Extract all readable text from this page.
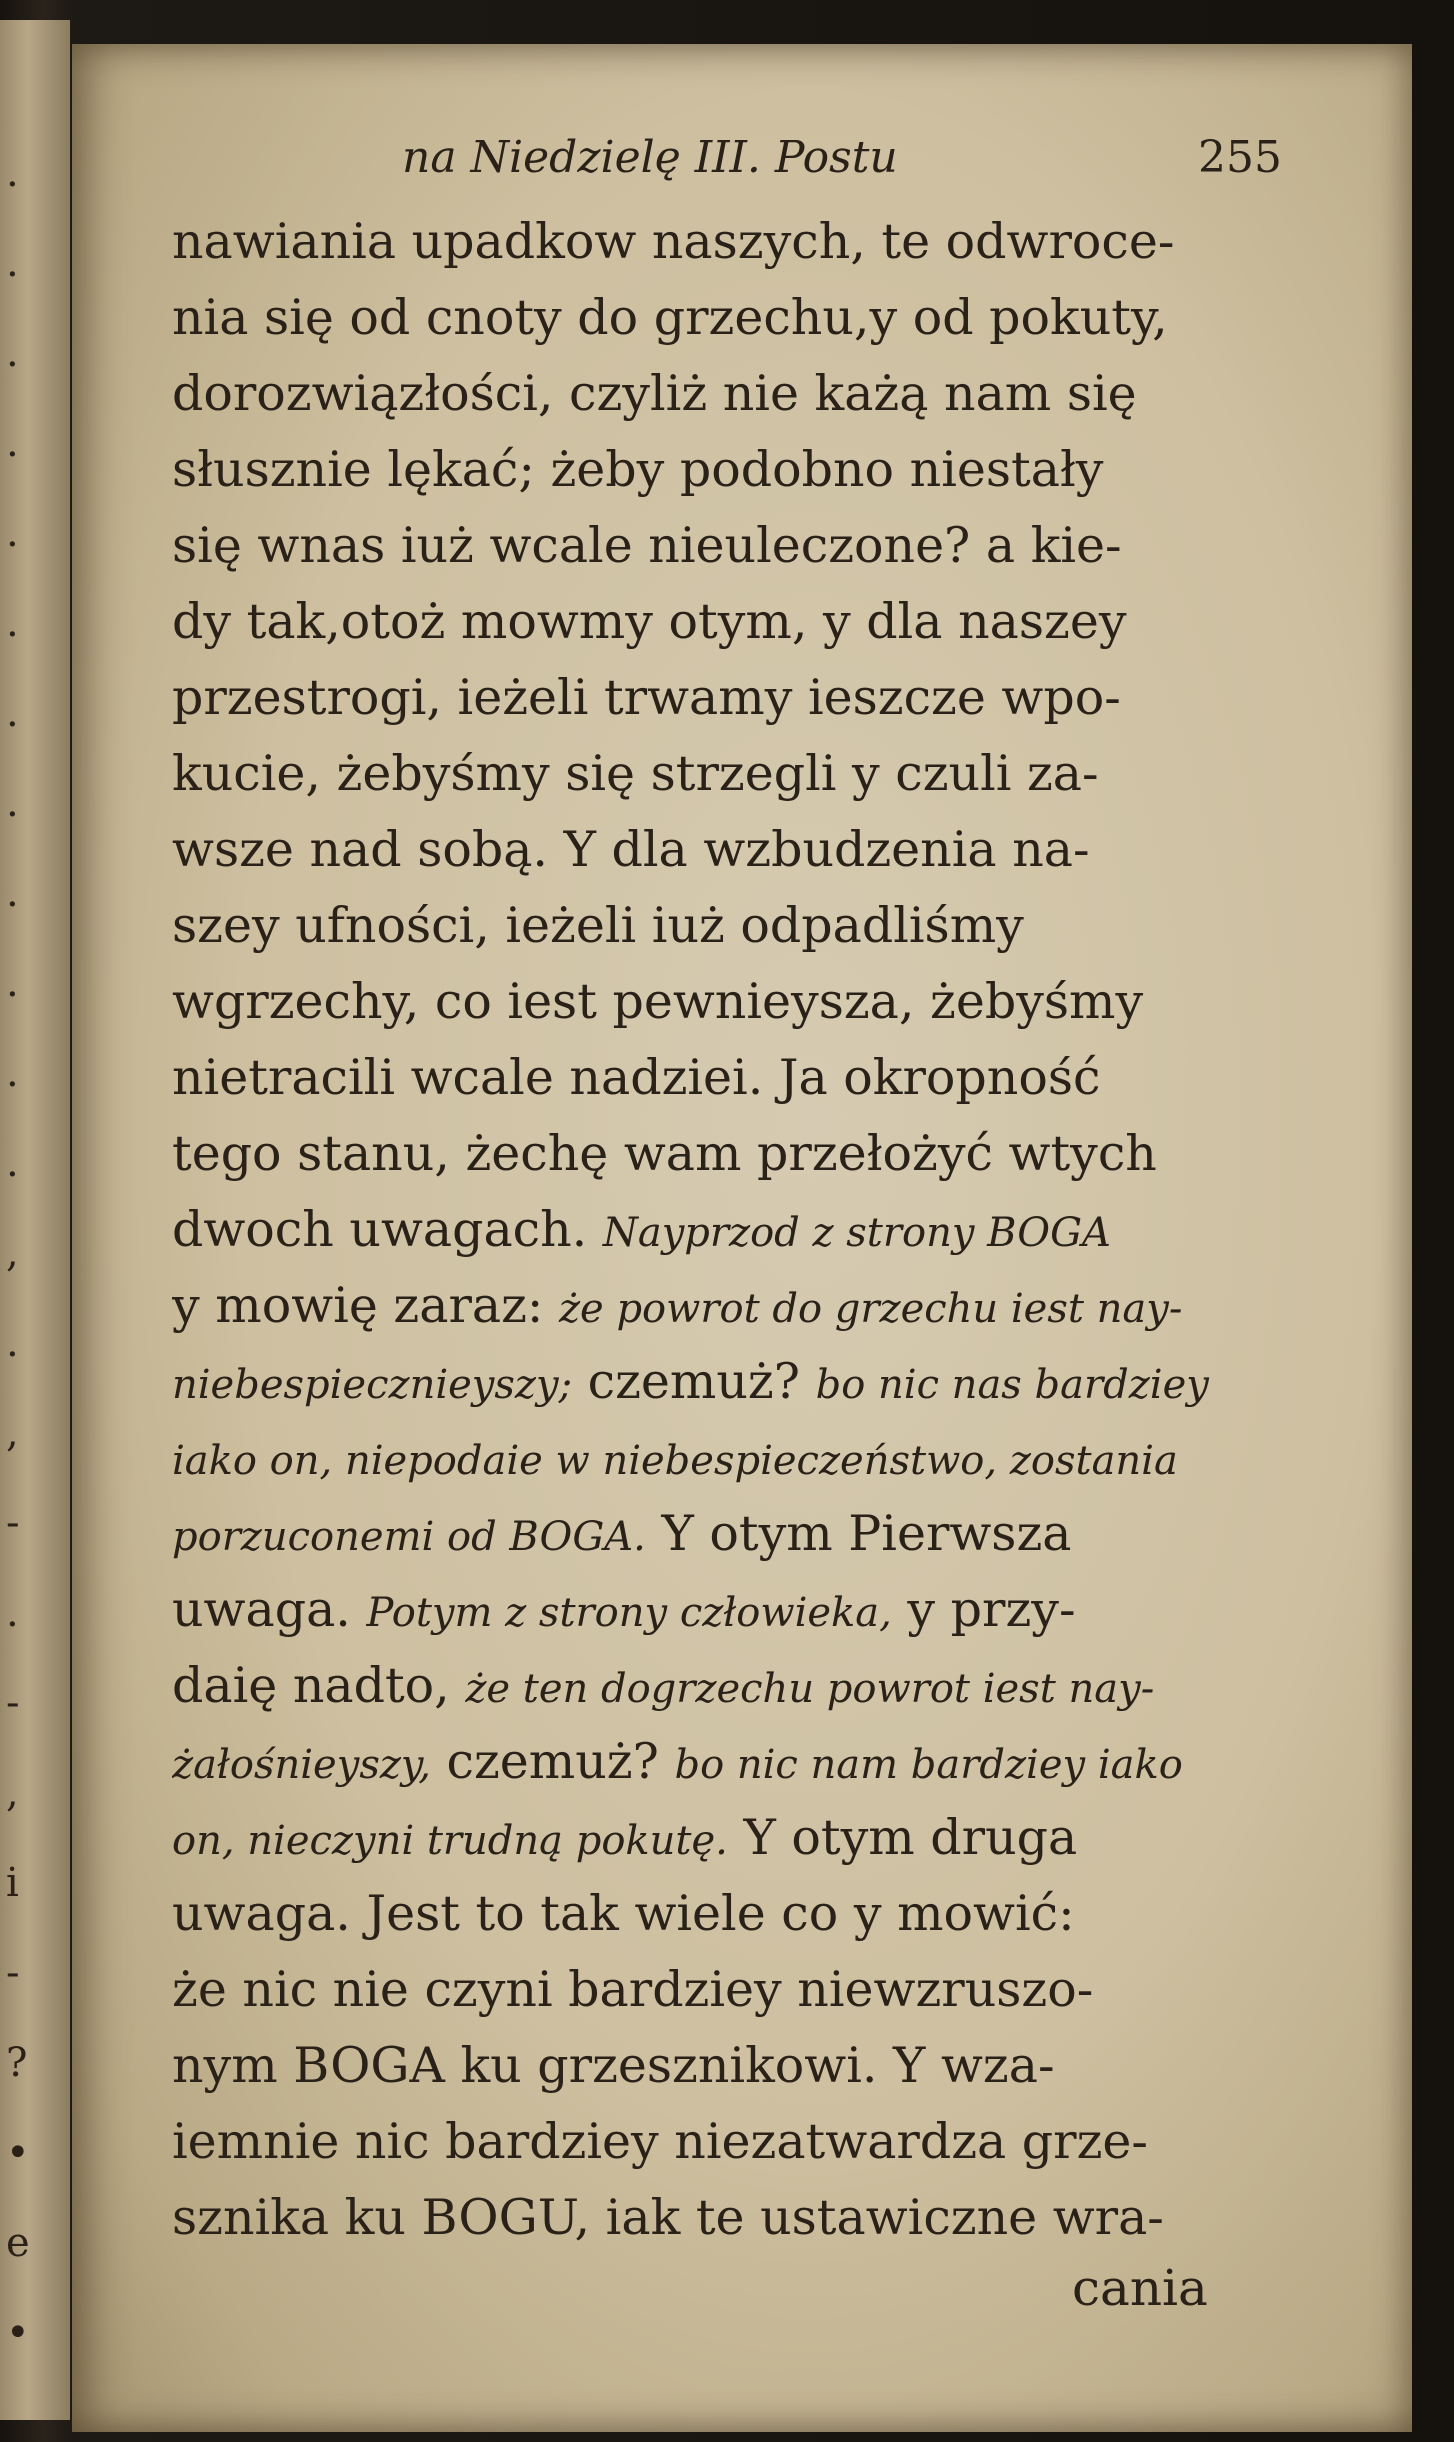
.
.
.
.
.
.
.
.
.
.
.
.
,
.
,
-
.
-
,
i
-
?
•
e
•
na Niedzielę III. Postu	255
nawiania upadkow naszych, te odwroce-
nia się od cnoty do grzechu,y od pokuty,
dorozwiązłości, czyliż nie każą nam się
słusznie lękać; żeby podobno niestały
się wnas iuż wcale nieuleczone? a kie-
dy tak,otoż mowmy otym, y dla naszey
przestrogi, ieżeli trwamy ieszcze wpo-
kucie, żebyśmy się strzegli y czuli za-
wsze nad sobą. Y dla wzbudzenia na-
szey ufności, ieżeli iuż odpadliśmy
wgrzechy, co iest pewnieysza, żebyśmy
nietracili wcale nadziei. Ja okropność
tego stanu, żechę wam przełożyć wtych
dwoch uwagach. Nayprzod z strony BOGA
y mowię zaraz: że powrot do grzechu iest nay-
niebespiecznieyszy; czemuż? bo nic nas bardziey
iako on, niepodaie w niebespieczeństwo, zostania
porzuconemi od BOGA. Y otym Pierwsza
uwaga. Potym z strony człowieka, y przy-
daię nadto, że ten dogrzechu powrot iest nay-
żałośnieyszy, czemuż? bo nic nam bardziey iako
on, nieczyni trudną pokutę. Y otym druga
uwaga. Jest to tak wiele co y mowić:
że nic nie czyni bardziey niewzruszo-
nym BOGA ku grzesznikowi. Y wza-
iemnie nic bardziey niezatwardza grze-
sznika ku BOGU, iak te ustawiczne wra-
cania
